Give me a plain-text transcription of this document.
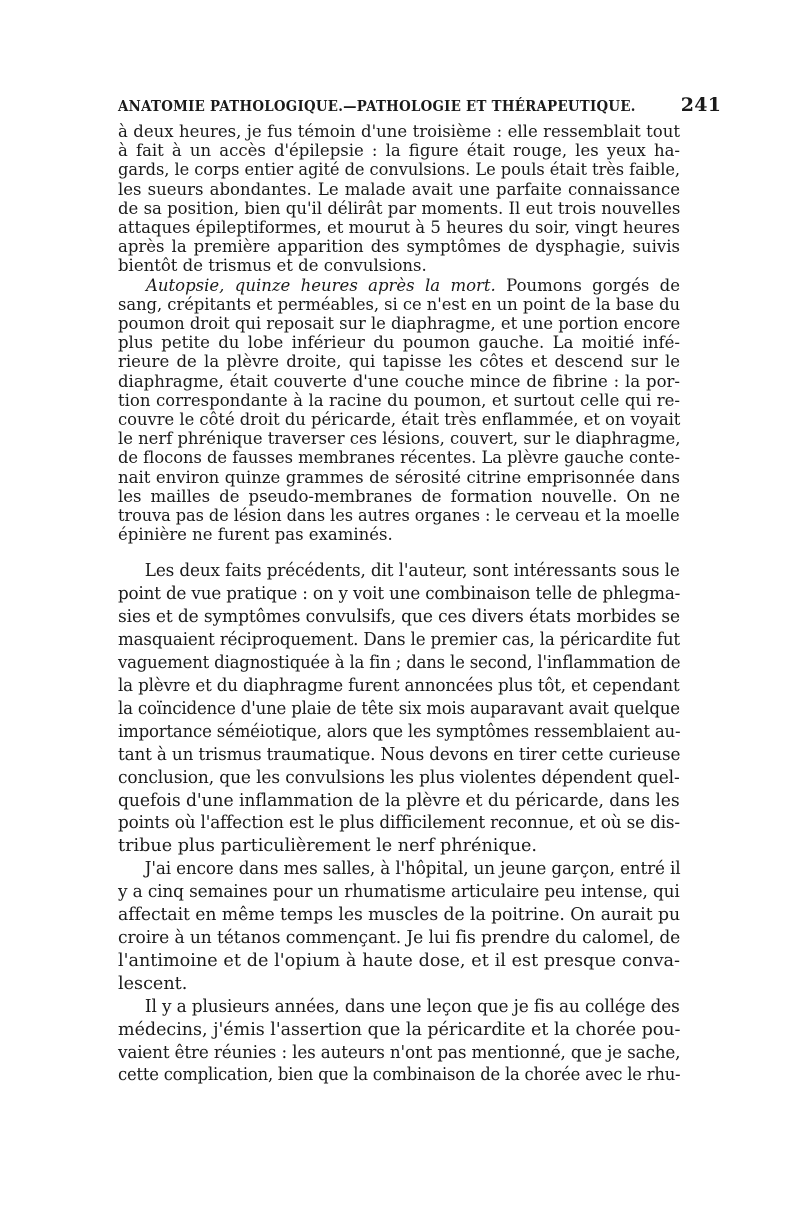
ANATOMIE PATHOLOGIQUE.—PATHOLOGIE ET THÉRAPEUTIQUE. 241
à deux heures, je fus témoin d'une troisième : elle ressemblait tout
à fait à un accès d'épilepsie : la figure était rouge, les yeux ha-
gards, le corps entier agité de convulsions. Le pouls était très faible,
les sueurs abondantes. Le malade avait une parfaite connaissance
de sa position, bien qu'il délirât par moments. Il eut trois nouvelles
attaques épileptiformes, et mourut à 5 heures du soir, vingt heures
après la première apparition des symptômes de dysphagie, suivis
bientôt de trismus et de convulsions.
Autopsie, quinze heures après la mort. Poumons gorgés de
sang, crépitants et perméables, si ce n'est en un point de la base du
poumon droit qui reposait sur le diaphragme, et une portion encore
plus petite du lobe inférieur du poumon gauche. La moitié infé-
rieure de la plèvre droite, qui tapisse les côtes et descend sur le
diaphragme, était couverte d'une couche mince de fibrine : la por-
tion correspondante à la racine du poumon, et surtout celle qui re-
couvre le côté droit du péricarde, était très enflammée, et on voyait
le nerf phrénique traverser ces lésions, couvert, sur le diaphragme,
de flocons de fausses membranes récentes. La plèvre gauche conte-
nait environ quinze grammes de sérosité citrine emprisonnée dans
les mailles de pseudo-membranes de formation nouvelle. On ne
trouva pas de lésion dans les autres organes : le cerveau et la moelle
épinière ne furent pas examinés.
Les deux faits précédents, dit l'auteur, sont intéressants sous le
point de vue pratique : on y voit une combinaison telle de phlegma-
sies et de symptômes convulsifs, que ces divers états morbides se
masquaient réciproquement. Dans le premier cas, la péricardite fut
vaguement diagnostiquée à la fin ; dans le second, l'inflammation de
la plèvre et du diaphragme furent annoncées plus tôt, et cependant
la coïncidence d'une plaie de tête six mois auparavant avait quelque
importance séméiotique, alors que les symptômes ressemblaient au-
tant à un trismus traumatique. Nous devons en tirer cette curieuse
conclusion, que les convulsions les plus violentes dépendent quel-
quefois d'une inflammation de la plèvre et du péricarde, dans les
points où l'affection est le plus difficilement reconnue, et où se dis-
tribue plus particulièrement le nerf phrénique.
J'ai encore dans mes salles, à l'hôpital, un jeune garçon, entré il
y a cinq semaines pour un rhumatisme articulaire peu intense, qui
affectait en même temps les muscles de la poitrine. On aurait pu
croire à un tétanos commençant. Je lui fis prendre du calomel, de
l'antimoine et de l'opium à haute dose, et il est presque conva-
lescent.
Il y a plusieurs années, dans une leçon que je fis au collége des
médecins, j'émis l'assertion que la péricardite et la chorée pou-
vaient être réunies : les auteurs n'ont pas mentionné, que je sache,
cette complication, bien que la combinaison de la chorée avec le rhu-
